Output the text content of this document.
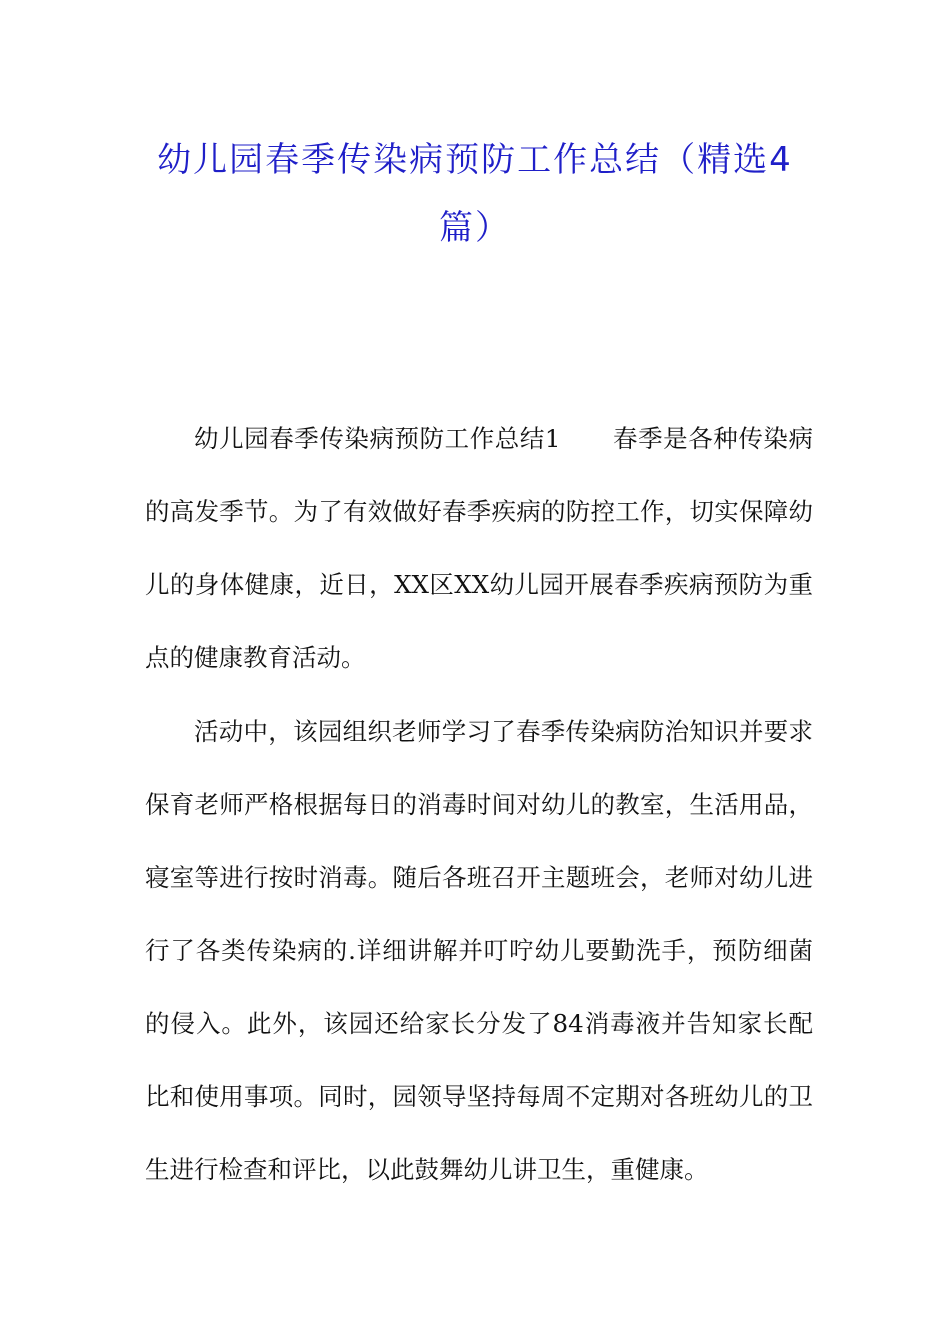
幼儿园春季传染病预防工作总结（精选4
篇）
幼儿园春季传染病预防工作总结1 春季是各种传染病的高发季节。为了有效做好春季疾病的防控工作，切实保障幼儿的身体健康，近日，XX区XX幼儿园开展春季疾病预防为重点的健康教育活动。
活动中，该园组织老师学习了春季传染病防治知识并要求保育老师严格根据每日的消毒时间对幼儿的教室，生活用品，寝室等进行按时消毒。随后各班召开主题班会，老师对幼儿进行了各类传染病的.详细讲解并叮咛幼儿要勤洗手，预防细菌的侵入。此外，该园还给家长分发了84消毒液并告知家长配比和使用事项。同时，园领导坚持每周不定期对各班幼儿的卫生进行检查和评比，以此鼓舞幼儿讲卫生，重健康。
